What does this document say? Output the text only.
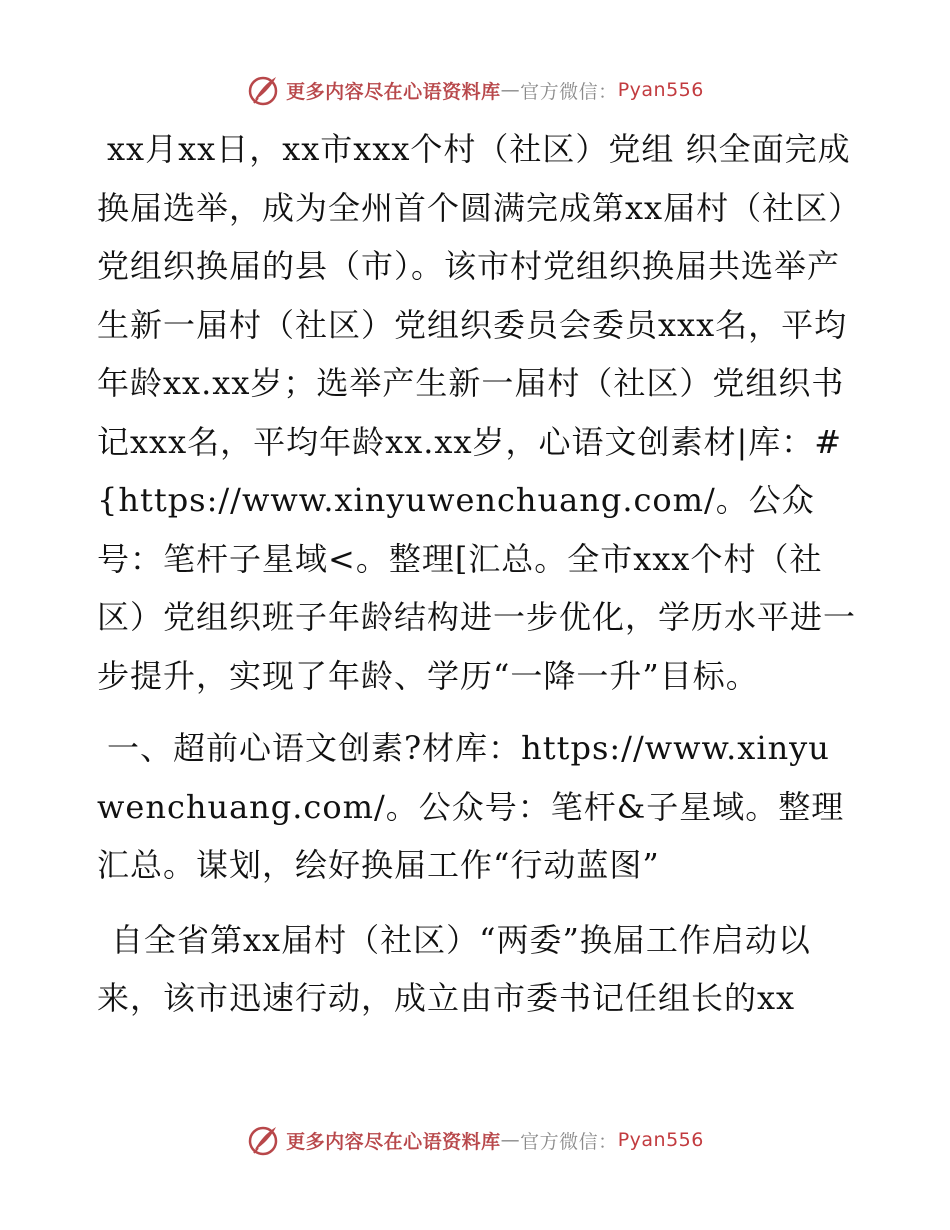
更多内容尽在心语资料库 — 官方微信： Pyan556

xx月xx日，xx市xxx个村（社区）党组 织全面完成换届选举，成为全州首个圆满完成第xx届村（社区）党组织换届的县（市）。该市村党组织换届共选举产生新一届村（社区）党组织委员会委员xxx名，平均年龄xx.xx岁；选举产生新一届村（社区）党组织书记xxx名，平均年龄xx.xx岁，心语文创素材|库：#{https://www.xinyuwenchuang.com/。公众号：笔杆子星域<。整理[汇总。全市xxx个村（社区）党组织班子年龄结构进一步优化，学历水平进一步提升，实现了年龄、学历“一降一升”目标。

一、超前心语文创素?材库：https://www.xinyuwenchuang.com/。公众号：笔杆&子星域。整理汇总。谋划，绘好换届工作“行动蓝图”

自全省第xx届村（社区）“两委”换届工作启动以来，该市迅速行动，成立由市委书记任组长的xx

更多内容尽在心语资料库 — 官方微信： Pyan556
